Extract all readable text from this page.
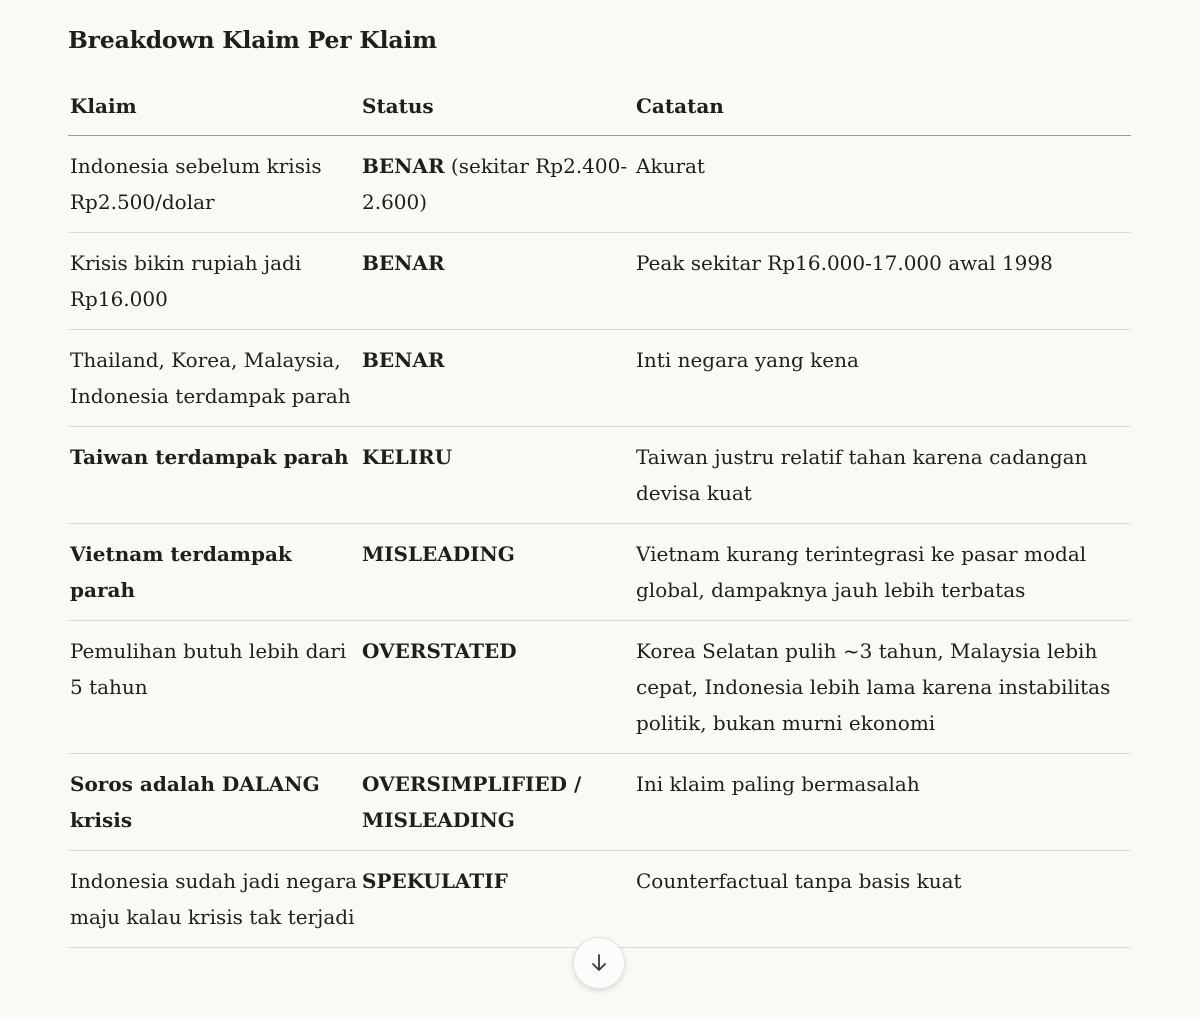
Breakdown Klaim Per Klaim
Klaim	Status	Catatan
Indonesia sebelum krisis Rp2.500/dolar	BENAR (sekitar Rp2.400-2.600)	Akurat
Krisis bikin rupiah jadi Rp16.000	BENAR	Peak sekitar Rp16.000-17.000 awal 1998
Thailand, Korea, Malaysia, Indonesia terdampak parah	BENAR	Inti negara yang kena
Taiwan terdampak parah	KELIRU	Taiwan justru relatif tahan karena cadangan devisa kuat
Vietnam terdampak parah	MISLEADING	Vietnam kurang terintegrasi ke pasar modal global, dampaknya jauh lebih terbatas
Pemulihan butuh lebih dari 5 tahun	OVERSTATED	Korea Selatan pulih ~3 tahun, Malaysia lebih cepat, Indonesia lebih lama karena instabilitas politik, bukan murni ekonomi
Soros adalah DALANG krisis	OVERSIMPLIFIED / MISLEADING	Ini klaim paling bermasalah
Indonesia sudah jadi negara maju kalau krisis tak terjadi	SPEKULATIF	Counterfactual tanpa basis kuat
